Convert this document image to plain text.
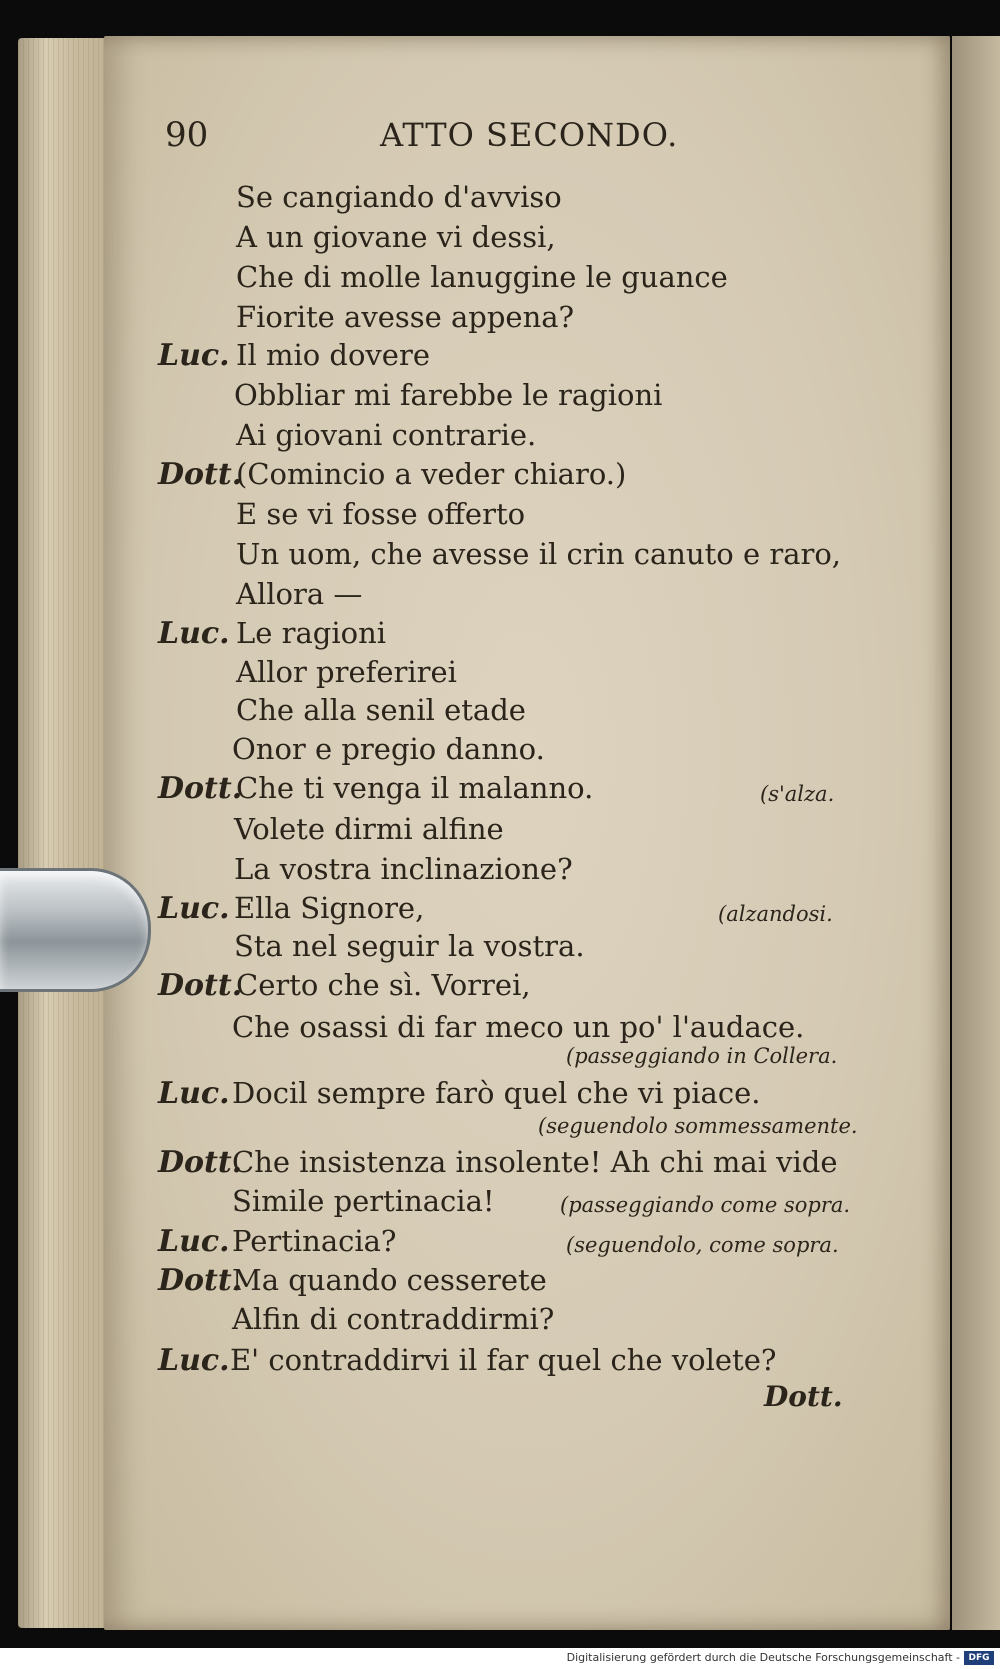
90	ATTO SECONDO.
Se cangiando d'avviso
A un giovane vi dessi,
Che di molle lanuggine le guance
Fiorite avesse appena?
Luc. Il mio dovere
Obbliar mi farebbe le ragioni
Ai giovani contrarie.
Dott.
(Comincio a veder chiaro.)
E se vi fosse offerto
Un uom, che avesse il crin canuto e raro,
Allora —
Luc. Le ragioni
Allor preferirei
Che alla senil etade
Onor e pregio danno.
Dott.
Che ti venga il malanno.	(s'alza.
Volete dirmi alfine
La vostra inclinazione?
Luc. Ella Signore,	(alzandosi.
Sta nel seguir la vostra.
Dott.
Certo che sì. Vorrei,
Che osassi di far meco un po' l'audace.
(passeggiando in Collera.
Luc. Docil sempre farò quel che vi piace.
(seguendolo sommessamente.
Dott.
Che insistenza insolente! Ah chi mai vide
Simile pertinacia!	(passeggiando come sopra.
Luc. Pertinacia?	(seguendolo, come sopra.
Dott.
Ma quando cesserete
Alfin di contraddirmi?
Luc. E' contraddirvi il far quel che volete?
Dott.
Digitalisierung gefördert durch die Deutsche Forschungsgemeinschaft - DFG
